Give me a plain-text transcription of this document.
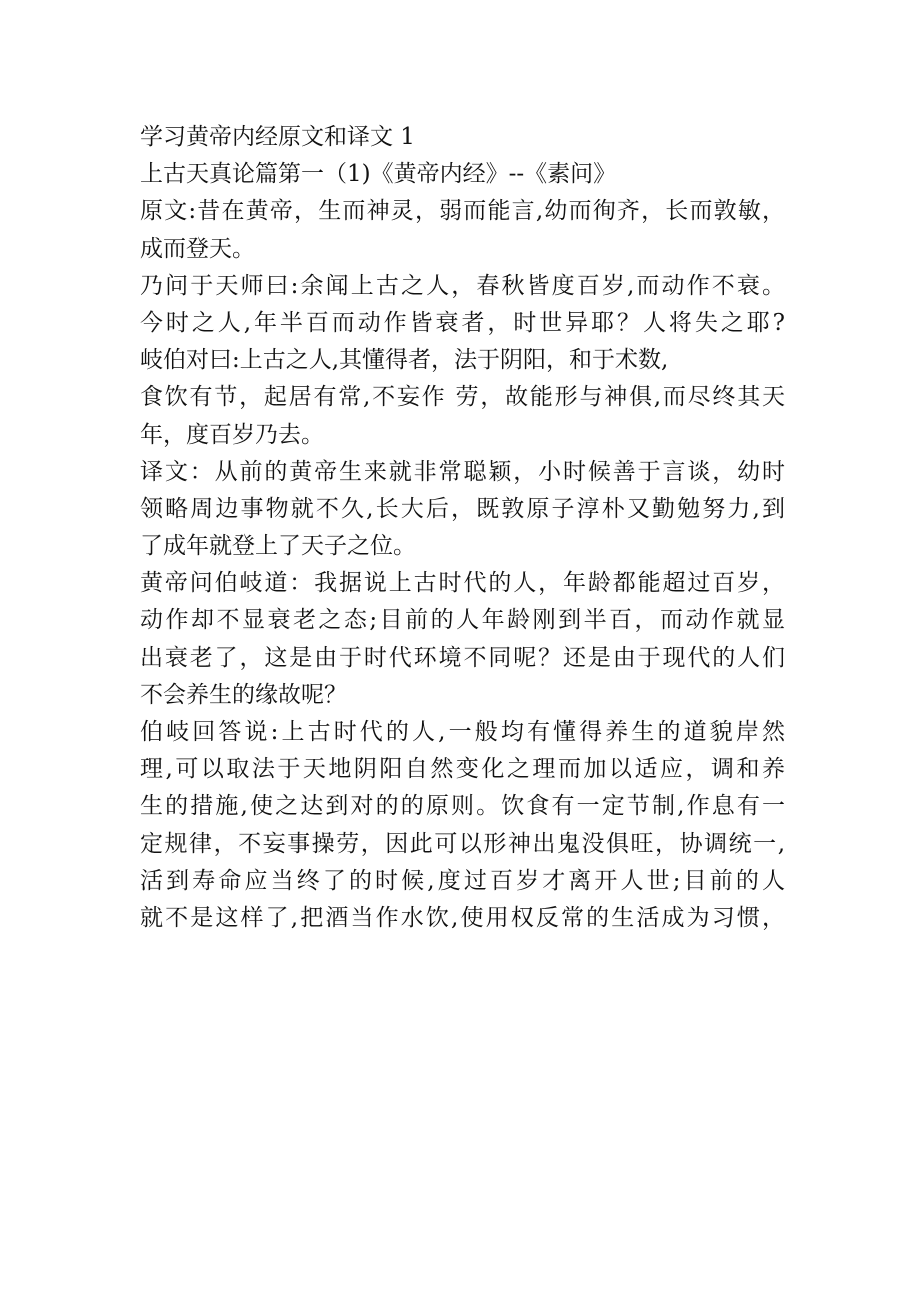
学习黄帝内经原文和译文 1
上古天真论篇第一（1)《黄帝内经》--《素问》
原文:昔在黄帝，生而神灵，弱而能言,幼而徇齐，长而敦敏，
成而登天。
乃问于天师曰:余闻上古之人，春秋皆度百岁,而动作不衰。
今时之人,年半百而动作皆衰者，时世异耶？人将失之耶?
岐伯对曰:上古之人,其懂得者，法于阴阳，和于术数,
食饮有节，起居有常,不妄作 劳，故能形与神俱,而尽终其天
年，度百岁乃去。
译文：从前的黄帝生来就非常聪颖，小时候善于言谈，幼时
领略周边事物就不久,长大后，既敦原子淳朴又勤勉努力,到
了成年就登上了天子之位。
黄帝问伯岐道：我据说上古时代的人，年龄都能超过百岁，
动作却不显衰老之态;目前的人年龄刚到半百，而动作就显
出衰老了，这是由于时代环境不同呢？还是由于现代的人们
不会养生的缘故呢？
伯岐回答说:上古时代的人,一般均有懂得养生的道貌岸然
理,可以取法于天地阴阳自然变化之理而加以适应，调和养
生的措施,使之达到对的的原则。饮食有一定节制,作息有一
定规律，不妄事操劳，因此可以形神出鬼没俱旺，协调统一,
活到寿命应当终了的时候,度过百岁才离开人世;目前的人
就不是这样了,把酒当作水饮,使用权反常的生活成为习惯，
